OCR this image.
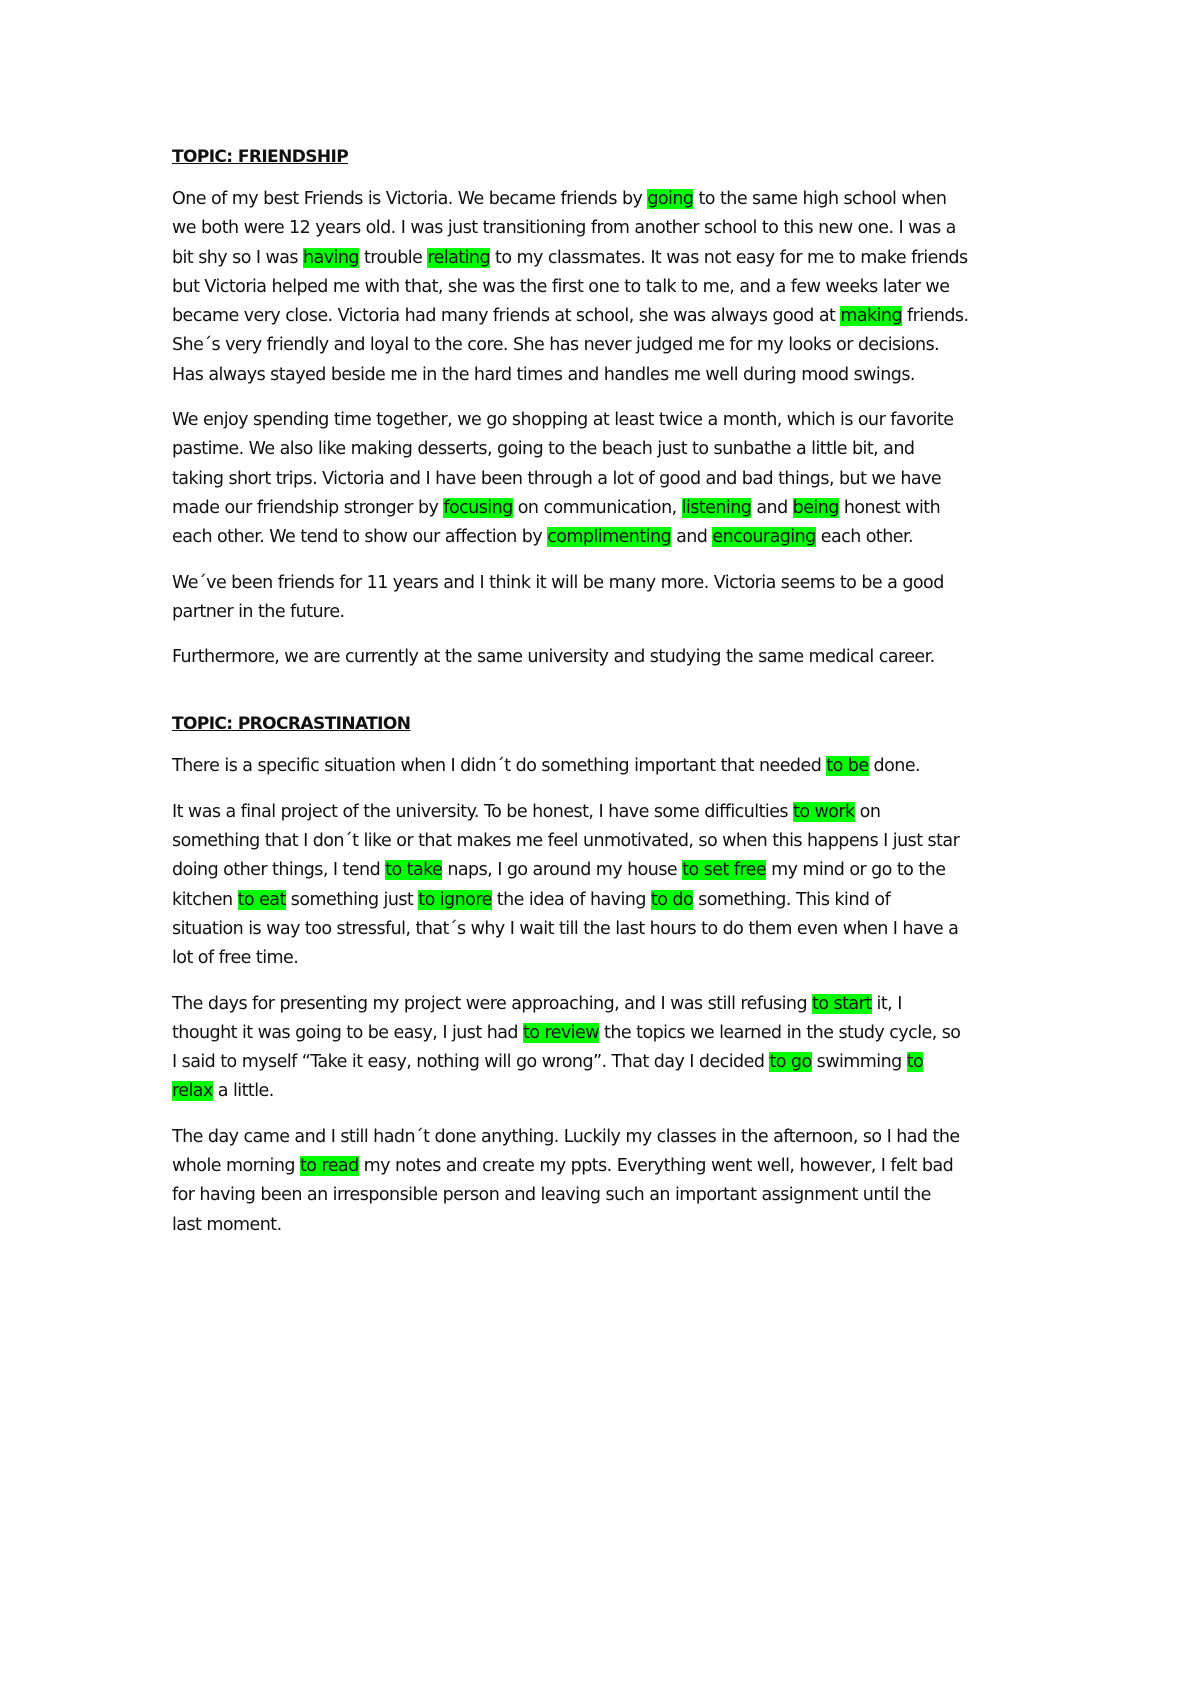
TOPIC: FRIENDSHIP
One of my best Friends is Victoria. We became friends by going to the same high school when
we both were 12 years old. I was just transitioning from another school to this new one. I was a
bit shy so I was having trouble relating to my classmates. It was not easy for me to make friends
but Victoria helped me with that, she was the first one to talk to me, and a few weeks later we
became very close. Victoria had many friends at school, she was always good at making friends.
She´s very friendly and loyal to the core. She has never judged me for my looks or decisions.
Has always stayed beside me in the hard times and handles me well during mood swings.
We enjoy spending time together, we go shopping at least twice a month, which is our favorite
pastime. We also like making desserts, going to the beach just to sunbathe a little bit, and
taking short trips. Victoria and I have been through a lot of good and bad things, but we have
made our friendship stronger by focusing on communication, listening and being honest with
each other. We tend to show our affection by complimenting and encouraging each other.
We´ve been friends for 11 years and I think it will be many more. Victoria seems to be a good
partner in the future.
Furthermore, we are currently at the same university and studying the same medical career.
TOPIC: PROCRASTINATION
There is a specific situation when I didn´t do something important that needed to be done.
It was a final project of the university. To be honest, I have some difficulties to work on
something that I don´t like or that makes me feel unmotivated, so when this happens I just star
doing other things, I tend to take naps, I go around my house to set free my mind or go to the
kitchen to eat something just to ignore the idea of having to do something. This kind of
situation is way too stressful, that´s why I wait till the last hours to do them even when I have a
lot of free time.
The days for presenting my project were approaching, and I was still refusing to start it, I
thought it was going to be easy, I just had to review the topics we learned in the study cycle, so
I said to myself “Take it easy, nothing will go wrong”. That day I decided to go swimming to
relax a little.
The day came and I still hadn´t done anything. Luckily my classes in the afternoon, so I had the
whole morning to read my notes and create my ppts. Everything went well, however, I felt bad
for having been an irresponsible person and leaving such an important assignment until the
last moment.
